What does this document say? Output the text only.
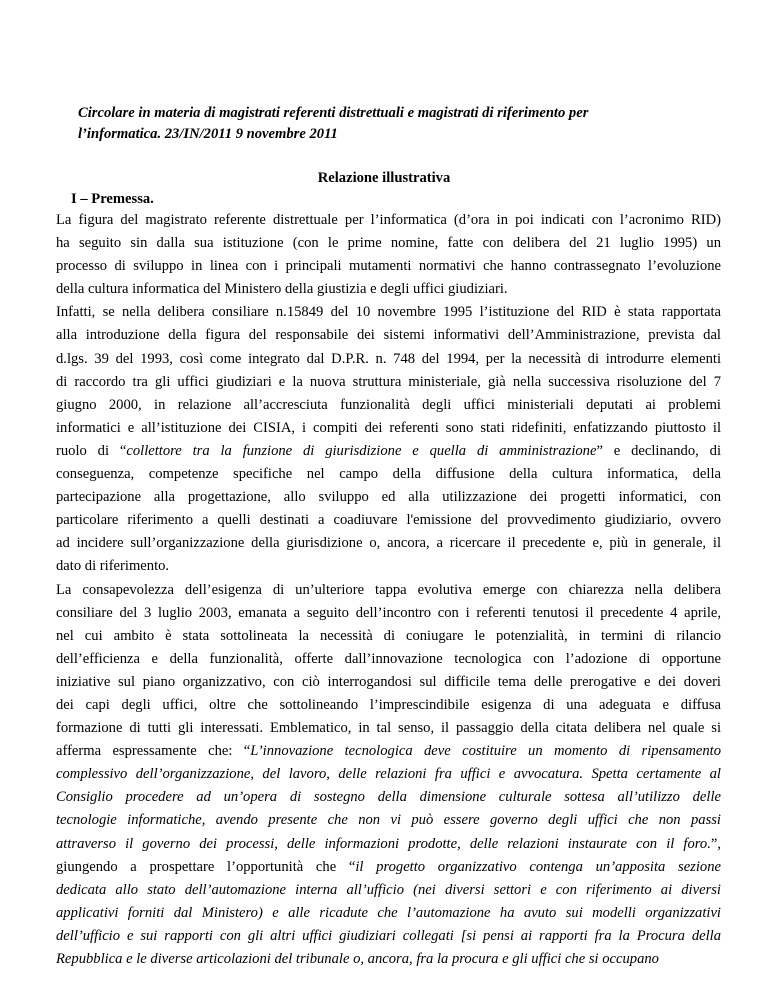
Circolare in materia di magistrati referenti distrettuali e magistrati di riferimento per
l’informatica. 23/IN/2011 9 novembre 2011
Relazione illustrativa
I – Premessa.

La figura del magistrato referente distrettuale per l’informatica (d’ora in poi indicati con l’acronimo RID)
ha seguito sin dalla sua istituzione (con le prime nomine, fatte con delibera del 21 luglio 1995) un
processo di sviluppo in linea con i principali mutamenti normativi che hanno contrassegnato l’evoluzione
della cultura informatica del Ministero della giustizia e degli uffici giudiziari.

Infatti, se nella delibera consiliare n.15849 del 10 novembre 1995 l’istituzione del RID è stata rapportata
alla introduzione della figura del responsabile dei sistemi informativi dell’Amministrazione, prevista dal
d.lgs. 39 del 1993, così come integrato dal D.P.R. n. 748 del 1994, per la necessità di introdurre elementi
di raccordo tra gli uffici giudiziari e la nuova struttura ministeriale, già nella successiva risoluzione del 7
giugno 2000, in relazione all’accresciuta funzionalità degli uffici ministeriali deputati ai problemi
informatici e all’istituzione dei CISIA, i compiti dei referenti sono stati ridefiniti, enfatizzando piuttosto il
ruolo di “collettore tra la funzione di giurisdizione e quella di amministrazione” e declinando, di
conseguenza, competenze specifiche nel campo della diffusione della cultura informatica, della
partecipazione alla progettazione, allo sviluppo ed alla utilizzazione dei progetti informatici, con
particolare riferimento a quelli destinati a coadiuvare l'emissione del provvedimento giudiziario, ovvero
ad incidere sull’organizzazione della giurisdizione o, ancora, a ricercare il precedente e, più in generale, il
dato di riferimento.

La consapevolezza dell’esigenza di un’ulteriore tappa evolutiva emerge con chiarezza nella delibera
consiliare del 3 luglio 2003, emanata a seguito dell’incontro con i referenti tenutosi il precedente 4 aprile,
nel cui ambito è stata sottolineata la necessità di coniugare le potenzialità, in termini di rilancio
dell’efficienza e della funzionalità, offerte dall’innovazione tecnologica con l’adozione di opportune
iniziative sul piano organizzativo, con ciò interrogandosi sul difficile tema delle prerogative e dei doveri
dei capi degli uffici, oltre che sottolineando l’imprescindibile esigenza di una adeguata e diffusa
formazione di tutti gli interessati. Emblematico, in tal senso, il passaggio della citata delibera nel quale si
afferma espressamente che: “L’innovazione tecnologica deve costituire un momento di ripensamento
complessivo dell’organizzazione, del lavoro, delle relazioni fra uffici e avvocatura. Spetta certamente al
Consiglio procedere ad un’opera di sostegno della dimensione culturale sottesa all’utilizzo delle
tecnologie informatiche, avendo presente che non vi può essere governo degli uffici che non passi
attraverso il governo dei processi, delle informazioni prodotte, delle relazioni instaurate con il foro.”,
giungendo a prospettare l’opportunità che “il progetto organizzativo contenga un’apposita sezione
dedicata allo stato dell’automazione interna all’ufficio (nei diversi settori e con riferimento ai diversi
applicativi forniti dal Ministero) e alle ricadute che l’automazione ha avuto sui modelli organizzativi
dell’ufficio e sui rapporti con gli altri uffici giudiziari collegati [si pensi ai rapporti fra la Procura della
Repubblica e le diverse articolazioni del tribunale o, ancora, fra la procura e gli uffici che si occupano
